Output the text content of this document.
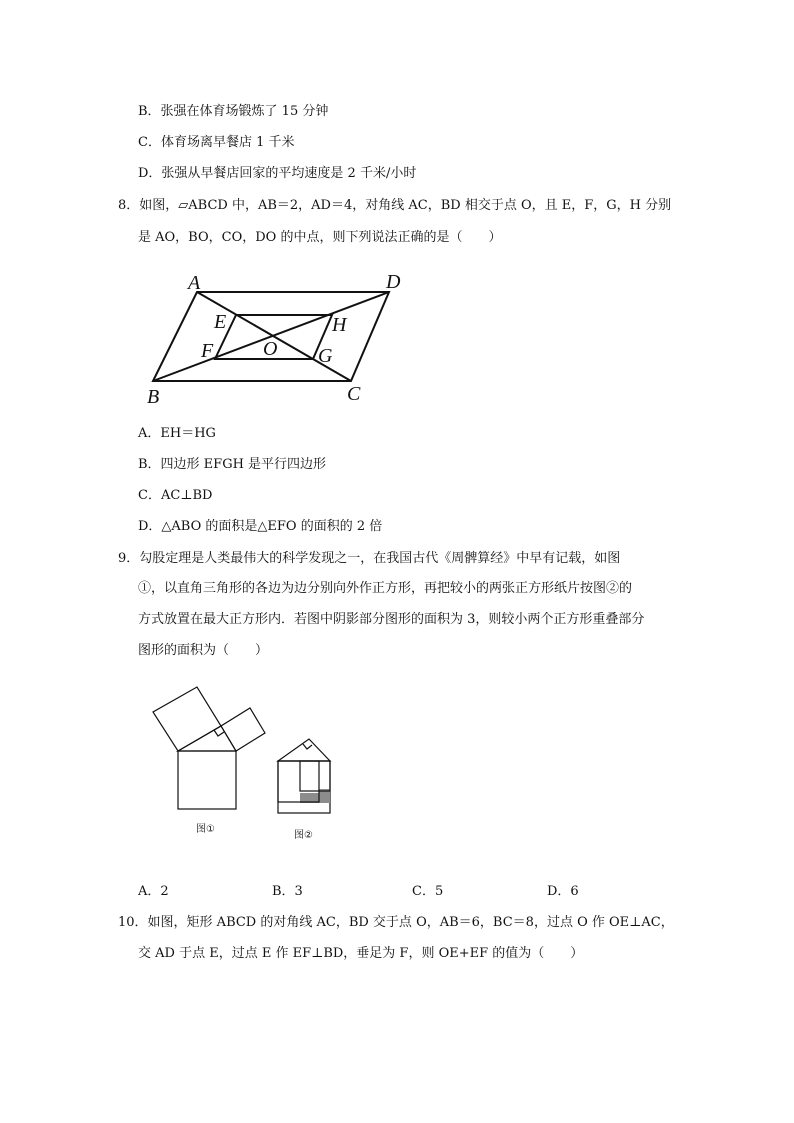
B．张强在体育场锻炼了 15 分钟
C．体育场离早餐店 1 千米
D．张强从早餐店回家的平均速度是 2 千米/小时
8．如图，▱ABCD 中，AB＝2，AD＝4，对角线 AC，BD 相交于点 O，且 E，F，G，H 分别
是 AO，BO，CO，DO 的中点，则下列说法正确的是（　　）
A	D
B	C
E
F	G
H
O
A．EH＝HG
B．四边形 EFGH 是平行四边形
C．AC⊥BD
D．△ABO 的面积是△EFO 的面积的 2 倍
9．勾股定理是人类最伟大的科学发现之一，在我国古代《周髀算经》中早有记载，如图
①，以直角三角形的各边为边分别向外作正方形，再把较小的两张正方形纸片按图②的
方式放置在最大正方形内．若图中阴影部分图形的面积为 3，则较小两个正方形重叠部分
图形的面积为（　　）
图①
图②
A．2	B．3	C．5	D．6
10．如图，矩形 ABCD 的对角线 AC，BD 交于点 O，AB＝6，BC＝8，过点 O 作 OE⊥AC，
交 AD 于点 E，过点 E 作 EF⊥BD，垂足为 F，则 OE+EF 的值为（　　）
